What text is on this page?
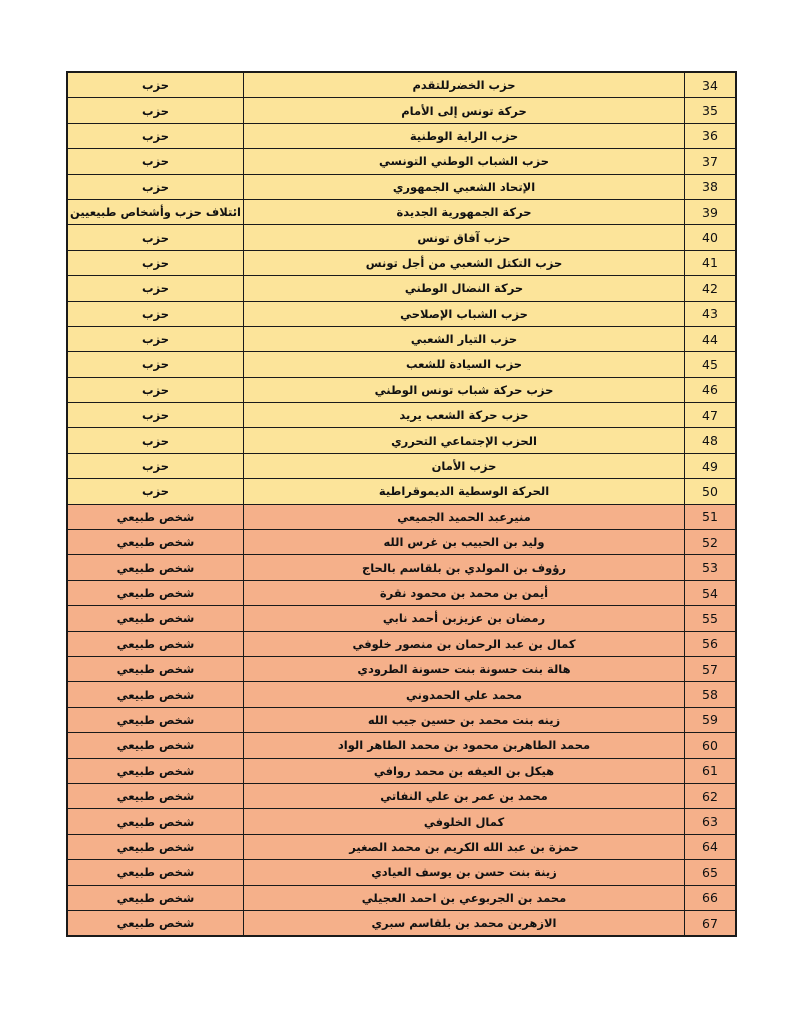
34	حزب الخضرللتقدم	حزب
35	حركة تونس إلى الأمام	حزب
36	حزب الراية الوطنية	حزب
37	حزب الشباب الوطني التونسي	حزب
38	الإتحاد الشعبي الجمهوري	حزب
39	حركة الجمهورية الجديدة	ائتلاف حزب وأشخاص طبيعيين
40	حزب آفاق تونس	حزب
41	حزب التكتل الشعبي من أجل تونس	حزب
42	حركة النضال الوطني	حزب
43	حزب الشباب الإصلاحي	حزب
44	حزب التيار الشعبي	حزب
45	حزب السيادة للشعب	حزب
46	حزب حركة شباب تونس الوطني	حزب
47	حزب حركة الشعب يريد	حزب
48	الحزب الإجتماعي التحرري	حزب
49	حزب الأمان	حزب
50	الحركة الوسطية الديموقراطية	حزب
51	منيرعبد الحميد الجميعي	شخص طبيعي
52	وليد بن الحبيب بن غرس الله	شخص طبيعي
53	رؤوف بن المولدي بن بلقاسم بالحاج	شخص طبيعي
54	أيمن بن محمد بن محمود نقرة	شخص طبيعي
55	رمضان بن عزيزبن أحمد نابي	شخص طبيعي
56	كمال بن عبد الرحمان بن منصور خلوفي	شخص طبيعي
57	هالة بنت حسونة بنت حسونة الطرودي	شخص طبيعي
58	محمد علي الحمدوني	شخص طبيعي
59	زينه بنت محمد بن حسين جيب الله	شخص طبيعي
60	محمد الطاهربن محمود بن محمد الطاهر الواد	شخص طبيعي
61	هيكل بن العيفه بن محمد روافي	شخص طبيعي
62	محمد بن عمر بن علي النفاتي	شخص طبيعي
63	كمال الخلوفي	شخص طبيعي
64	حمزة بن عبد الله الكريم بن محمد الصغير	شخص طبيعي
65	زينة بنت حسن بن يوسف العيادي	شخص طبيعي
66	محمد بن الجربوعي بن احمد العجيلي	شخص طبيعي
67	الازهربن محمد بن بلقاسم سبري	شخص طبيعي
